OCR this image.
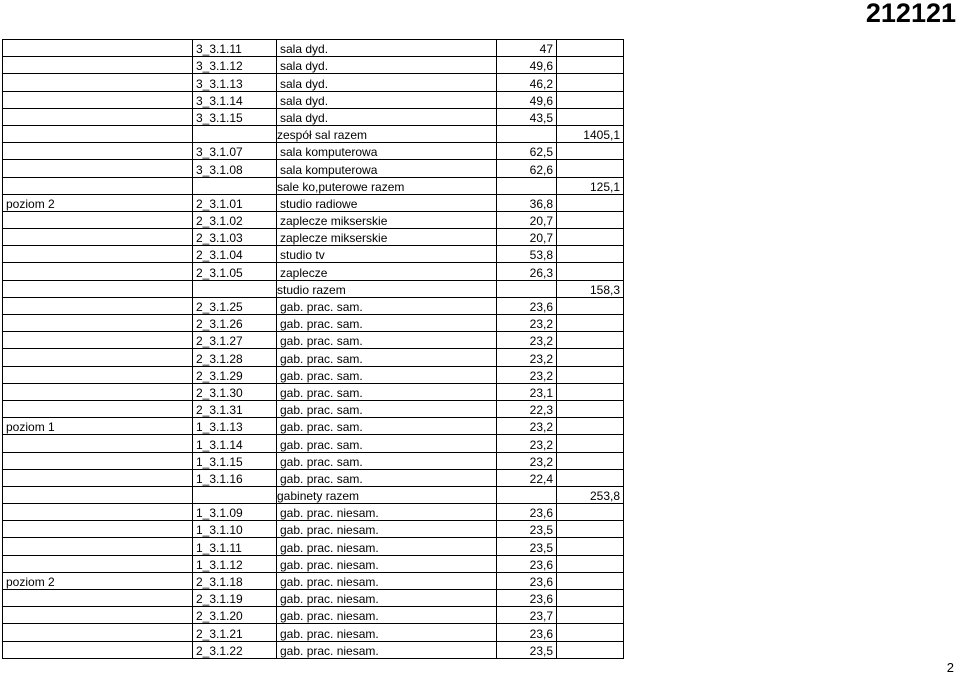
212121
	3_3.1.11	sala dyd.	47	
	3_3.1.12	sala dyd.	49,6	
	3_3.1.13	sala dyd.	46,2	
	3_3.1.14	sala dyd.	49,6	
	3_3.1.15	sala dyd.	43,5	
		zespół sal razem		1405,1
	3_3.1.07	sala komputerowa	62,5	
	3_3.1.08	sala komputerowa	62,6	
		sale ko,puterowe razem		125,1
poziom 2	2_3.1.01	studio radiowe	36,8	
	2_3.1.02	zaplecze mikserskie	20,7	
	2_3.1.03	zaplecze mikserskie	20,7	
	2_3.1.04	studio tv	53,8	
	2_3.1.05	zaplecze	26,3	
		studio razem		158,3
	2_3.1.25	gab. prac. sam.	23,6	
	2_3.1.26	gab. prac. sam.	23,2	
	2_3.1.27	gab. prac. sam.	23,2	
	2_3.1.28	gab. prac. sam.	23,2	
	2_3.1.29	gab. prac. sam.	23,2	
	2_3.1.30	gab. prac. sam.	23,1	
	2_3.1.31	gab. prac. sam.	22,3	
poziom 1	1_3.1.13	gab. prac. sam.	23,2	
	1_3.1.14	gab. prac. sam.	23,2	
	1_3.1.15	gab. prac. sam.	23,2	
	1_3.1.16	gab. prac. sam.	22,4	
		gabinety razem		253,8
	1_3.1.09	gab. prac. niesam.	23,6	
	1_3.1.10	gab. prac. niesam.	23,5	
	1_3.1.11	gab. prac. niesam.	23,5	
	1_3.1.12	gab. prac. niesam.	23,6	
poziom 2	2_3.1.18	gab. prac. niesam.	23,6	
	2_3.1.19	gab. prac. niesam.	23,6	
	2_3.1.20	gab. prac. niesam.	23,7	
	2_3.1.21	gab. prac. niesam.	23,6	
	2_3.1.22	gab. prac. niesam.	23,5	
2
